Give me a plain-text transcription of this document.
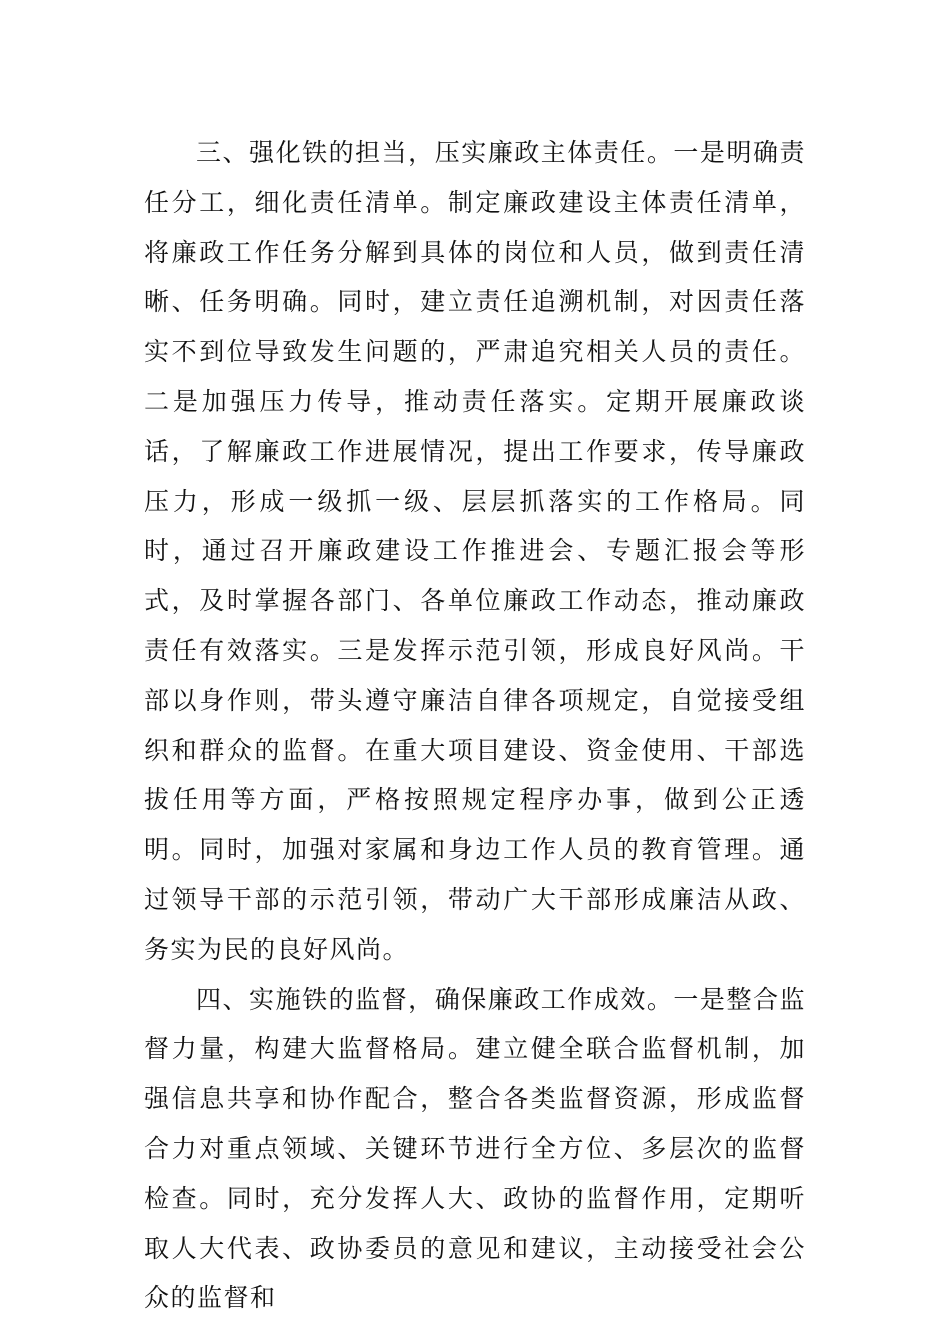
三、强化铁的担当，压实廉政主体责任。一是明确责任分工，细化责任清单。制定廉政建设主体责任清单，将廉政工作任务分解到具体的岗位和人员，做到责任清晰、任务明确。同时，建立责任追溯机制，对因责任落实不到位导致发生问题的，严肃追究相关人员的责任。二是加强压力传导，推动责任落实。定期开展廉政谈话，了解廉政工作进展情况，提出工作要求，传导廉政压力，形成一级抓一级、层层抓落实的工作格局。同时，通过召开廉政建设工作推进会、专题汇报会等形式，及时掌握各部门、各单位廉政工作动态，推动廉政责任有效落实。三是发挥示范引领，形成良好风尚。干部以身作则，带头遵守廉洁自律各项规定，自觉接受组织和群众的监督。在重大项目建设、资金使用、干部选拔任用等方面，严格按照规定程序办事，做到公正透明。同时，加强对家属和身边工作人员的教育管理。通过领导干部的示范引领，带动广大干部形成廉洁从政、务实为民的良好风尚。

四、实施铁的监督，确保廉政工作成效。一是整合监督力量，构建大监督格局。建立健全联合监督机制，加强信息共享和协作配合，整合各类监督资源，形成监督合力对重点领域、关键环节进行全方位、多层次的监督检查。同时，充分发挥人大、政协的监督作用，定期听取人大代表、政协委员的意见和建议，主动接受社会公众的监督和
